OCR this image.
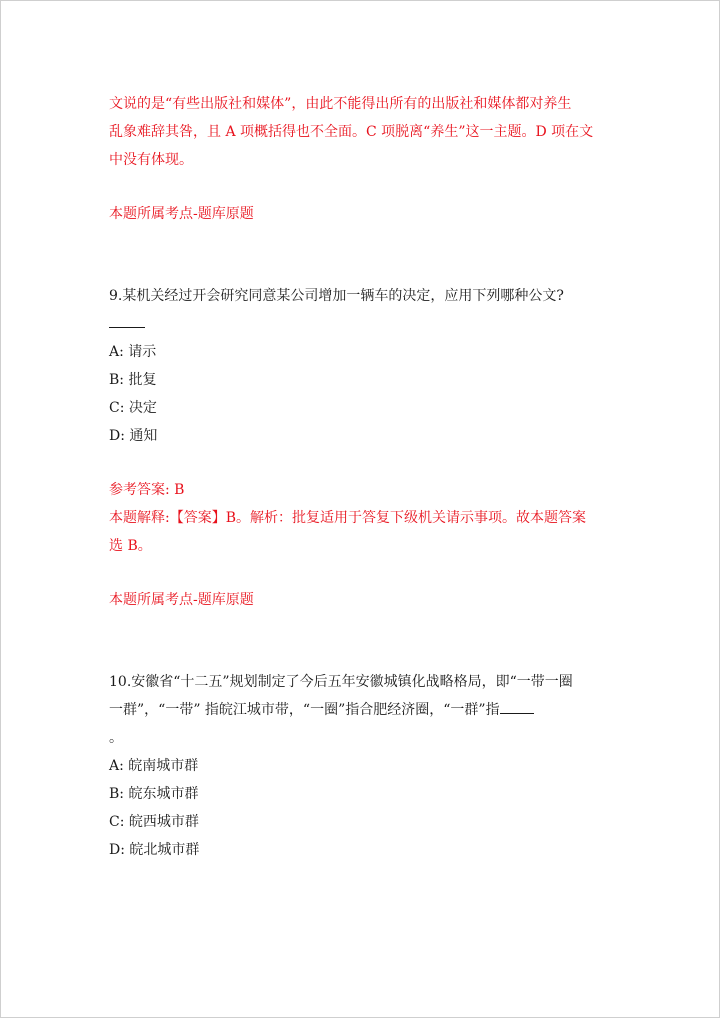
文说的是“有些出版社和媒体”，由此不能得出所有的出版社和媒体都对养生
乱象难辞其咎，且 A 项概括得也不全面。C 项脱离“养生”这一主题。D 项在文
中没有体现。
本题所属考点-题库原题
9.某机关经过开会研究同意某公司增加一辆车的决定，应用下列哪种公文?
A: 请示
B: 批复
C: 决定
D: 通知
参考答案: B
本题解释:【答案】B。解析：批复适用于答复下级机关请示事项。故本题答案
选 B。
本题所属考点-题库原题
10.安徽省“十二五”规划制定了今后五年安徽城镇化战略格局，即“一带一圈
一群”，“一带” 指皖江城市带，“一圈”指合肥经济圈，“一群”指
。
A: 皖南城市群
B: 皖东城市群
C: 皖西城市群
D: 皖北城市群
